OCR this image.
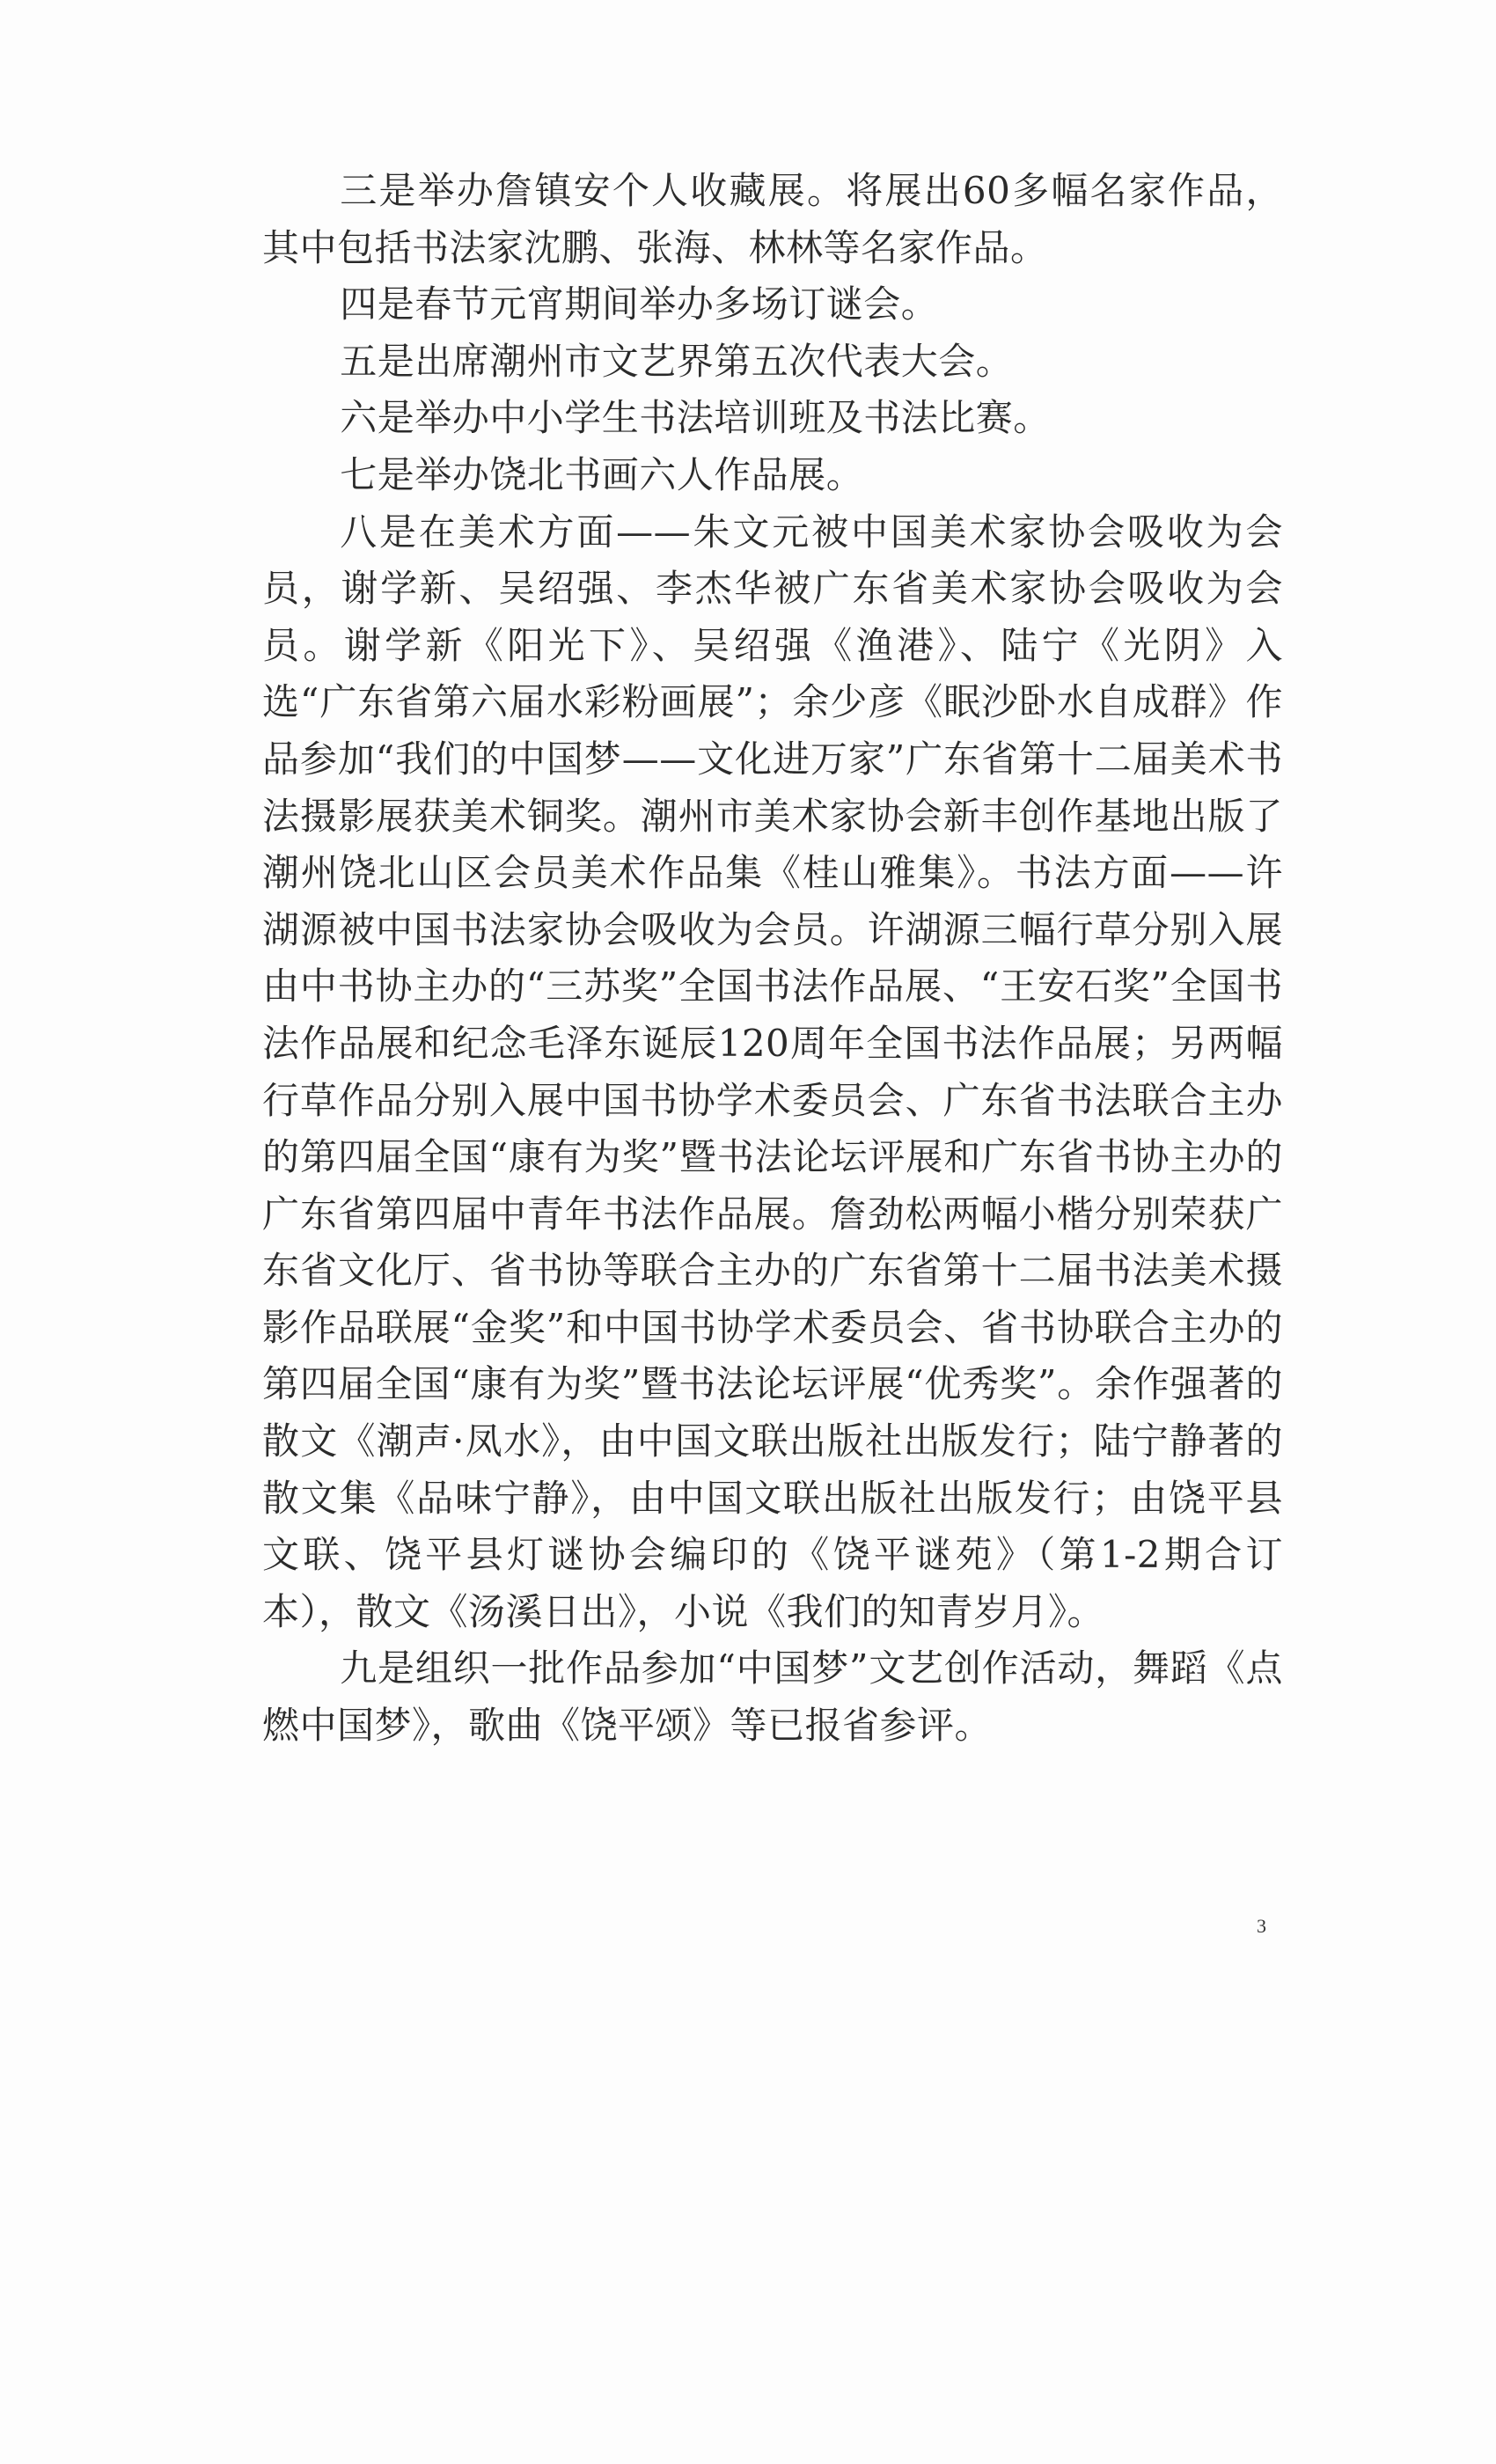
三是举办詹镇安个人收藏展。将展出60多幅名家作品，其中包括书法家沈鹏、张海、林林等名家作品。

四是春节元宵期间举办多场订谜会。

五是出席潮州市文艺界第五次代表大会。

六是举办中小学生书法培训班及书法比赛。

七是举办饶北书画六人作品展。

八是在美术方面——朱文元被中国美术家协会吸收为会员，谢学新、吴绍强、李杰华被广东省美术家协会吸收为会员。谢学新《阳光下》、吴绍强《渔港》、陆宁《光阴》入选“广东省第六届水彩粉画展”；余少彦《眠沙卧水自成群》作品参加“我们的中国梦——文化进万家”广东省第十二届美术书法摄影展获美术铜奖。潮州市美术家协会新丰创作基地出版了潮州饶北山区会员美术作品集《桂山雅集》。书法方面——许湖源被中国书法家协会吸收为会员。许湖源三幅行草分别入展由中书协主办的“三苏奖”全国书法作品展、“王安石奖”全国书法作品展和纪念毛泽东诞辰120周年全国书法作品展；另两幅行草作品分别入展中国书协学术委员会、广东省书法联合主办的第四届全国“康有为奖”暨书法论坛评展和广东省书协主办的广东省第四届中青年书法作品展。詹劲松两幅小楷分别荣获广东省文化厅、省书协等联合主办的广东省第十二届书法美术摄影作品联展“金奖”和中国书协学术委员会、省书协联合主办的第四届全国“康有为奖”暨书法论坛评展“优秀奖”。余作强著的散文《潮声·凤水》，由中国文联出版社出版发行；陆宁静著的散文集《品味宁静》，由中国文联出版社出版发行；由饶平县文联、饶平县灯谜协会编印的《饶平谜苑》（第1-2期合订本），散文《汤溪日出》，小说《我们的知青岁月》。

九是组织一批作品参加“中国梦”文艺创作活动，舞蹈《点燃中国梦》，歌曲《饶平颂》等已报省参评。

3
